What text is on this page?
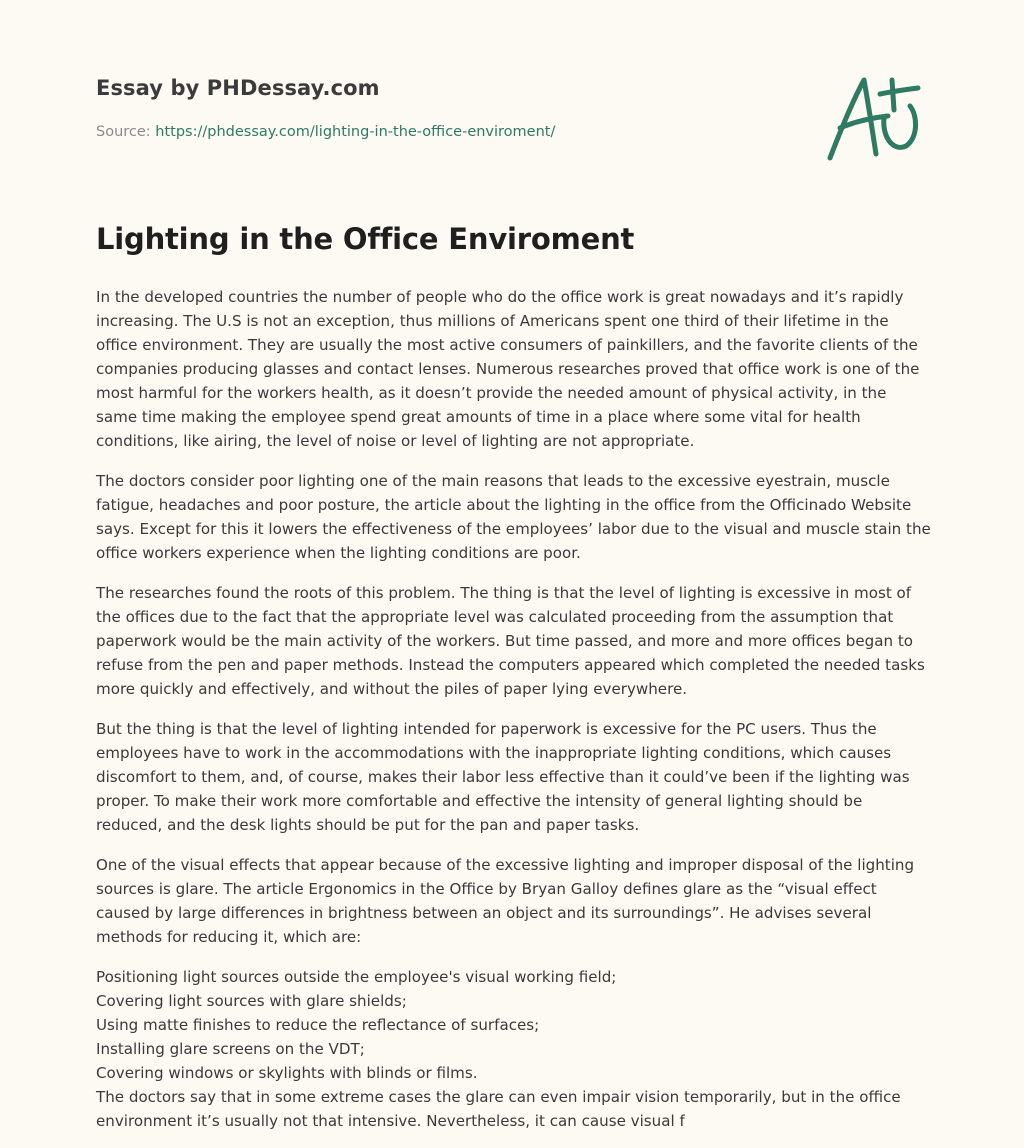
Essay by PHDessay.com
Source: https://phdessay.com/lighting-in-the-office-enviroment/
Lighting in the Office Enviroment

In the developed countries the number of people who do the office work is great nowadays and it’s rapidly increasing. The U.S is not an exception, thus millions of Americans spent one third of their lifetime in the office environment. They are usually the most active consumers of painkillers, and the favorite clients of the companies producing glasses and contact lenses. Numerous researches proved that office work is one of the most harmful for the workers health, as it doesn’t provide the needed amount of physical activity, in the same time making the employee spend great amounts of time in a place where some vital for health conditions, like airing, the level of noise or level of lighting are not appropriate.

The doctors consider poor lighting one of the main reasons that leads to the excessive eyestrain, muscle fatigue, headaches and poor posture, the article about the lighting in the office from the Officinado Website says. Except for this it lowers the effectiveness of the employees’ labor due to the visual and muscle stain the office workers experience when the lighting conditions are poor.

The researches found the roots of this problem. The thing is that the level of lighting is excessive in most of the offices due to the fact that the appropriate level was calculated proceeding from the assumption that paperwork would be the main activity of the workers. But time passed, and more and more offices began to refuse from the pen and paper methods. Instead the computers appeared which completed the needed tasks more quickly and effectively, and without the piles of paper lying everywhere.

But the thing is that the level of lighting intended for paperwork is excessive for the PC users. Thus the employees have to work in the accommodations with the inappropriate lighting conditions, which causes discomfort to them, and, of course, makes their labor less effective than it could’ve been if the lighting was proper. To make their work more comfortable and effective the intensity of general lighting should be reduced, and the desk lights should be put for the pan and paper tasks.

One of the visual effects that appear because of the excessive lighting and improper disposal of the lighting sources is glare. The article Ergonomics in the Office by Bryan Galloy defines glare as the “visual effect caused by large differences in brightness between an object and its surroundings”. He advises several methods for reducing it, which are:

Positioning light sources outside the employee's visual working field;
Covering light sources with glare shields;
Using matte finishes to reduce the reflectance of surfaces;
Installing glare screens on the VDT;
Covering windows or skylights with blinds or films.
The doctors say that in some extreme cases the glare can even impair vision temporarily, but in the office environment it’s usually not that intensive. Nevertheless, it can cause visual f
